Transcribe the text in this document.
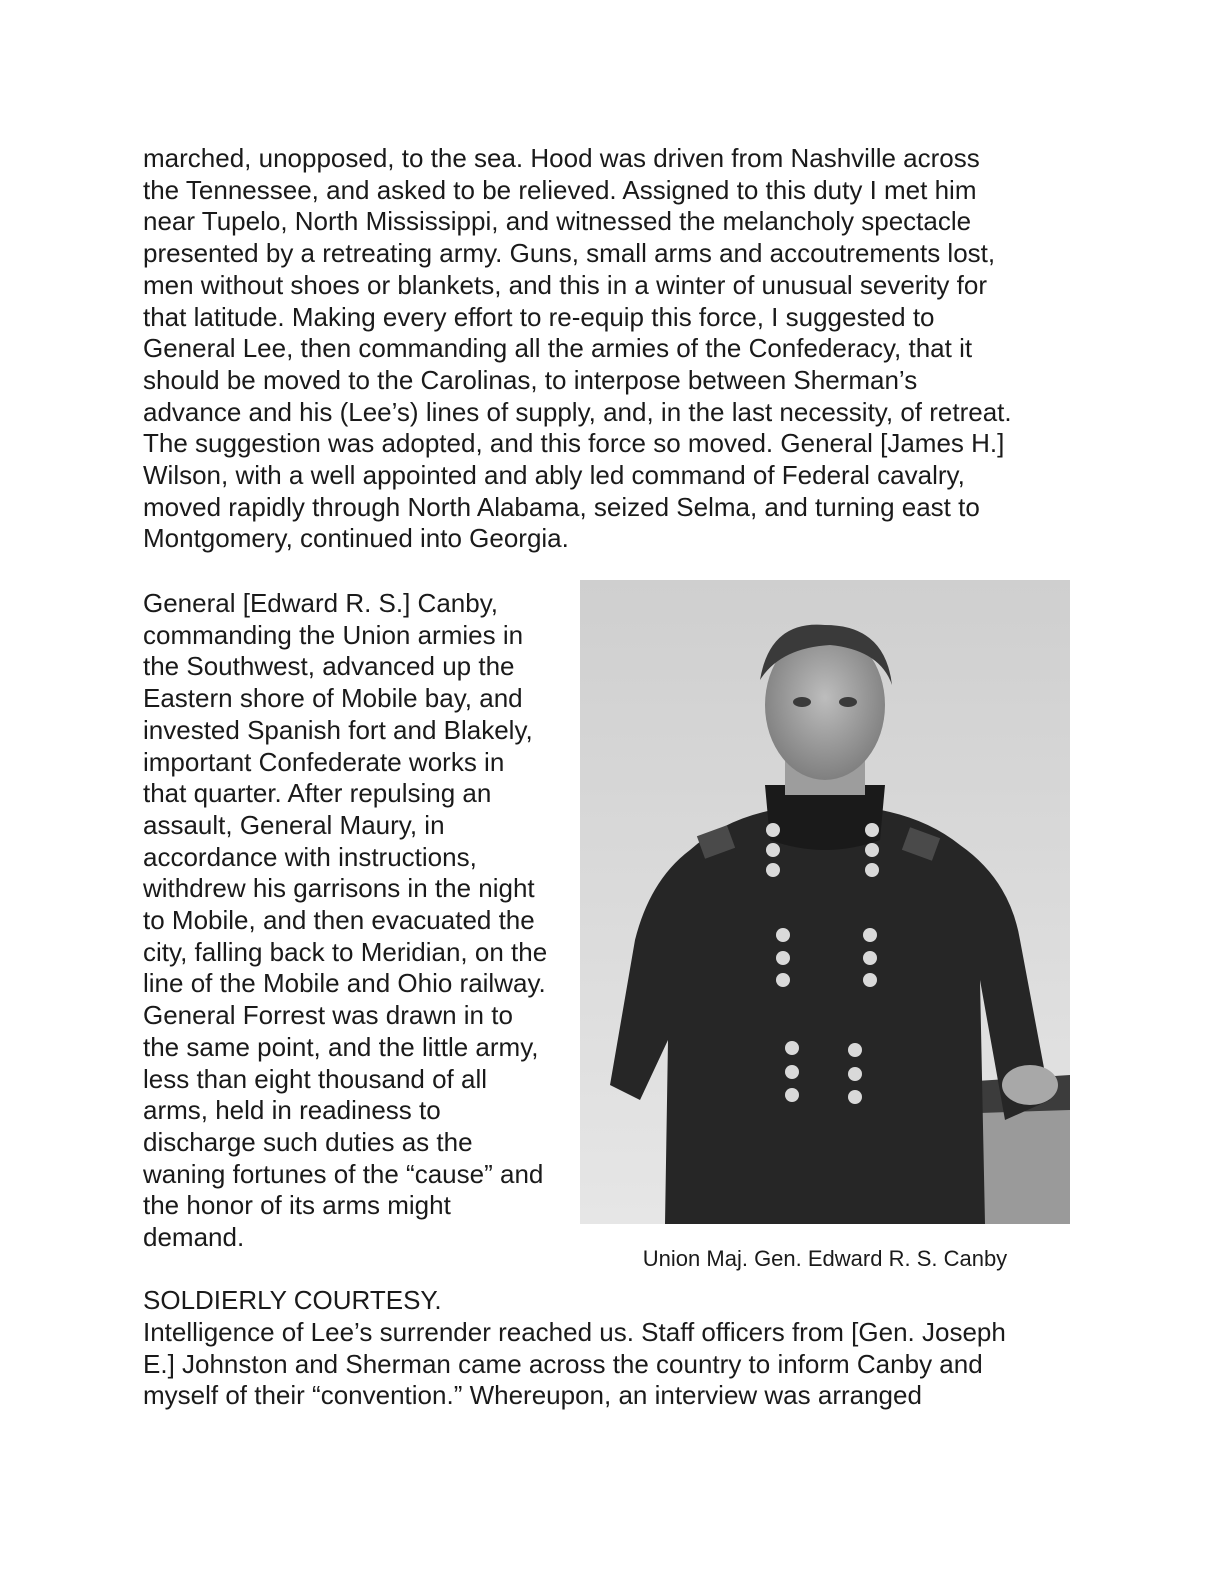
marched, unopposed, to the sea. Hood was driven from Nashville across
the Tennessee, and asked to be relieved. Assigned to this duty I met him
near Tupelo, North Mississippi, and witnessed the melancholy spectacle
presented by a retreating army. Guns, small arms and accoutrements lost,
men without shoes or blankets, and this in a winter of unusual severity for
that latitude. Making every effort to re-equip this force, I suggested to
General Lee, then commanding all the armies of the Confederacy, that it
should be moved to the Carolinas, to interpose between Sherman’s
advance and his (Lee’s) lines of supply, and, in the last necessity, of retreat.
The suggestion was adopted, and this force so moved. General [James H.]
Wilson, with a well appointed and ably led command of Federal cavalry,
moved rapidly through North Alabama, seized Selma, and turning east to
Montgomery, continued into Georgia.
General [Edward R. S.] Canby,
commanding the Union armies in
the Southwest, advanced up the
Eastern shore of Mobile bay, and
invested Spanish fort and Blakely,
important Confederate works in
that quarter. After repulsing an
assault, General Maury, in
accordance with instructions,
withdrew his garrisons in the night
to Mobile, and then evacuated the
city, falling back to Meridian, on the
line of the Mobile and Ohio railway.
General Forrest was drawn in to
the same point, and the little army,
less than eight thousand of all
arms, held in readiness to
discharge such duties as the
waning fortunes of the “cause” and
the honor of its arms might
demand.
Union Maj. Gen. Edward R. S. Canby
SOLDIERLY COURTESY.
Intelligence of Lee’s surrender reached us. Staff officers from [Gen. Joseph
E.] Johnston and Sherman came across the country to inform Canby and
myself of their “convention.” Whereupon, an interview was arranged
